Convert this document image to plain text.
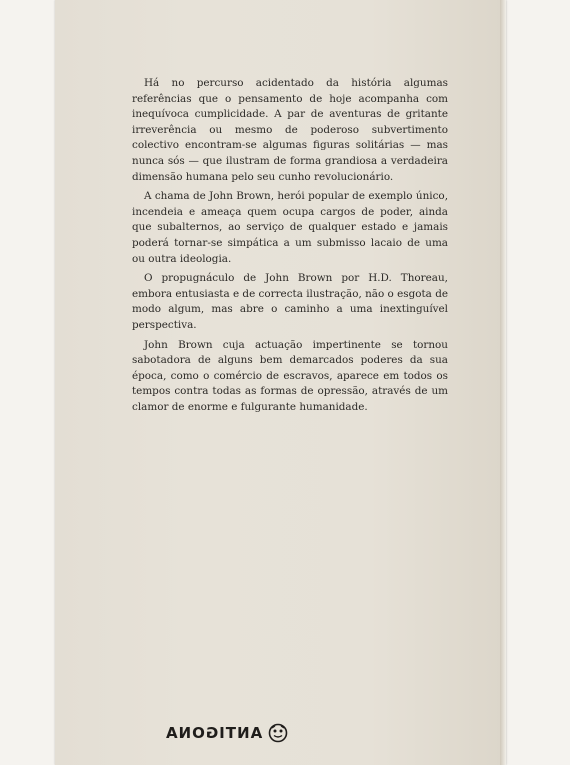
Há no percurso acidentado da história algumas referências que o pensamento de hoje acompanha com inequívoca cumplicidade. A par de aventuras de gritante irreverência ou mesmo de poderoso subvertimento colectivo encontram-se algumas figuras solitárias — mas nunca sós — que ilustram de forma grandiosa a verdadeira dimensão humana pelo seu cunho revolucionário.

A chama de John Brown, herói popular de exemplo único, incendeia e ameaça quem ocupa cargos de poder, ainda que subalternos, ao serviço de qualquer estado e jamais poderá tornar-se simpática a um submisso lacaio de uma ou outra ideologia.

O propugnáculo de John Brown por H.D. Thoreau, embora entusiasta e de correcta ilustração, não o esgota de modo algum, mas abre o caminho a uma inextinguível perspectiva.

John Brown cuja actuação impertinente se tornou sabotadora de alguns bem demarcados poderes da sua época, como o comércio de escravos, aparece em todos os tempos contra todas as formas de opressão, através de um clamor de enorme e fulgurante humanidade.

ANTIGONA
